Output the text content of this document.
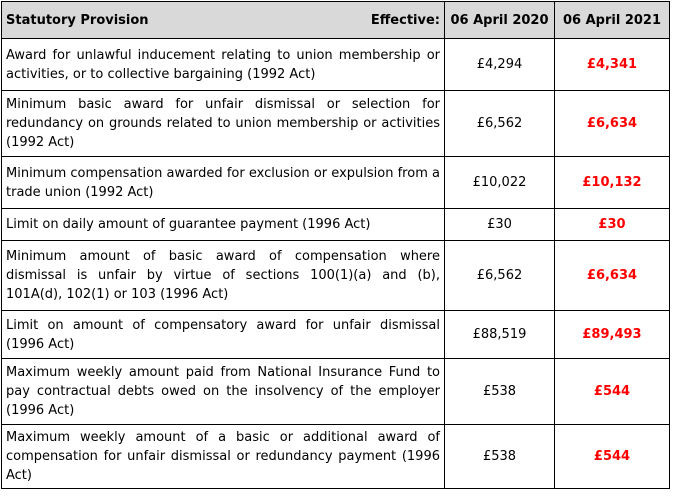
Statutory Provision Effective:	06 April 2020	06 April 2021
Award for unlawful inducement relating to union membership or activities, or to collective bargaining (1992 Act)	£4,294	£4,341
Minimum basic award for unfair dismissal or selection for redundancy on grounds related to union membership or activities (1992 Act)	£6,562	£6,634
Minimum compensation awarded for exclusion or expulsion from a trade union (1992 Act)	£10,022	£10,132
Limit on daily amount of guarantee payment (1996 Act)	£30	£30
Minimum amount of basic award of compensation where dismissal is unfair by virtue of sections 100(1)(a) and (b), 101A(d), 102(1) or 103 (1996 Act)	£6,562	£6,634
Limit on amount of compensatory award for unfair dismissal (1996 Act)	£88,519	£89,493
Maximum weekly amount paid from National Insurance Fund to pay contractual debts owed on the insolvency of the employer (1996 Act)	£538	£544
Maximum weekly amount of a basic or additional award of compensation for unfair dismissal or redundancy payment (1996 Act)	£538	£544
